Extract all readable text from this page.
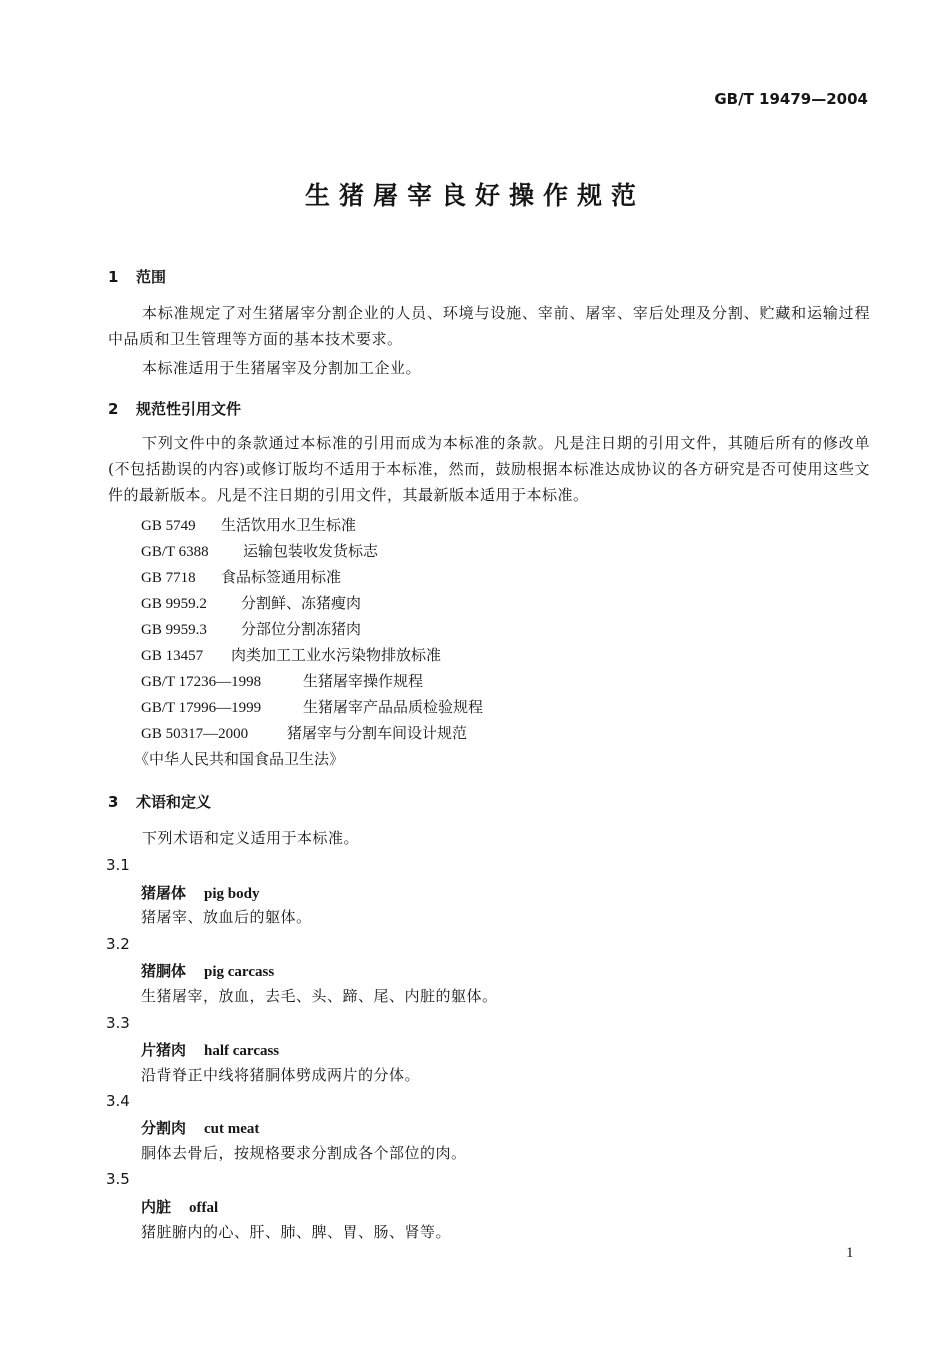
GB/T 19479—2004
生猪屠宰良好操作规范
1 范围
本标准规定了对生猪屠宰分割企业的人员、环境与设施、宰前、屠宰、宰后处理及分割、贮藏和运输过程中品质和卫生管理等方面的基本技术要求。
本标准适用于生猪屠宰及分割加工企业。
2 规范性引用文件
下列文件中的条款通过本标准的引用而成为本标准的条款。凡是注日期的引用文件，其随后所有的修改单(不包括勘误的内容)或修订版均不适用于本标准，然而，鼓励根据本标准达成协议的各方研究是否可使用这些文件的最新版本。凡是不注日期的引用文件，其最新版本适用于本标准。
GB 5749 生活饮用水卫生标准
GB/T 6388 运输包装收发货标志
GB 7718 食品标签通用标准
GB 9959.2 分割鲜、冻猪瘦肉
GB 9959.3 分部位分割冻猪肉
GB 13457 肉类加工工业水污染物排放标准
GB/T 17236—1998	生猪屠宰操作规程
GB/T 17996—1999	生猪屠宰产品品质检验规程
GB 50317—2000	猪屠宰与分割车间设计规范
《中华人民共和国食品卫生法》
3 术语和定义
下列术语和定义适用于本标准。
3.1
猪屠体 pig body
猪屠宰、放血后的躯体。
3.2
猪胴体 pig carcass
生猪屠宰，放血，去毛、头、蹄、尾、内脏的躯体。
3.3
片猪肉 half carcass
沿背脊正中线将猪胴体劈成两片的分体。
3.4
分割肉 cut meat
胴体去骨后，按规格要求分割成各个部位的肉。
3.5
内脏 offal
猪脏腑内的心、肝、肺、脾、胃、肠、肾等。
1
